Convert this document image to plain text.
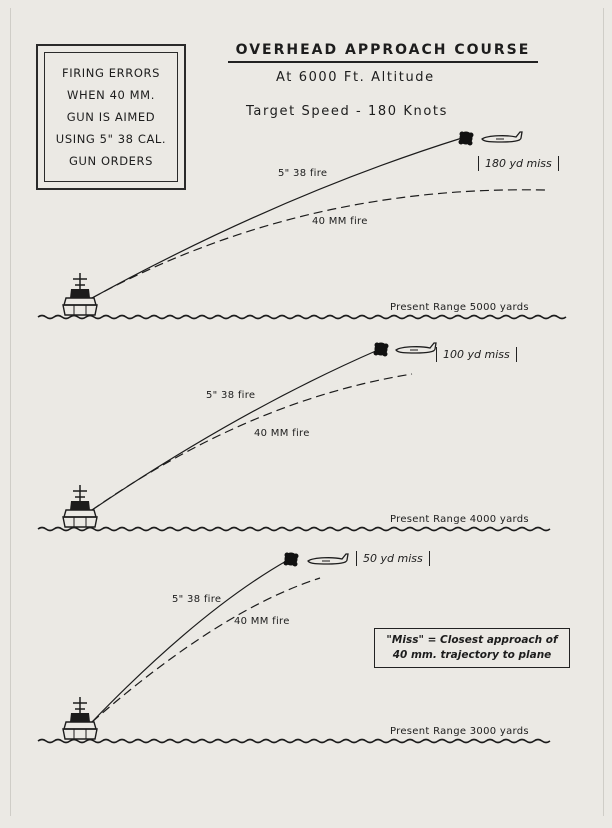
FIRING ERRORS
WHEN 40 MM.
GUN IS AIMED
USING 5" 38 CAL.
GUN ORDERS
OVERHEAD APPROACH COURSE
At 6000 Ft. Altitude
Target Speed - 180 Knots
5" 38 fire
40 MM fire
180 yd miss
Present Range 5000 yards
5" 38 fire
40 MM fire
100 yd miss
Present Range 4000 yards
5" 38 fire
40 MM fire
50 yd miss
Present Range 3000 yards
"Miss" = Closest approach of
40 mm. trajectory to plane
